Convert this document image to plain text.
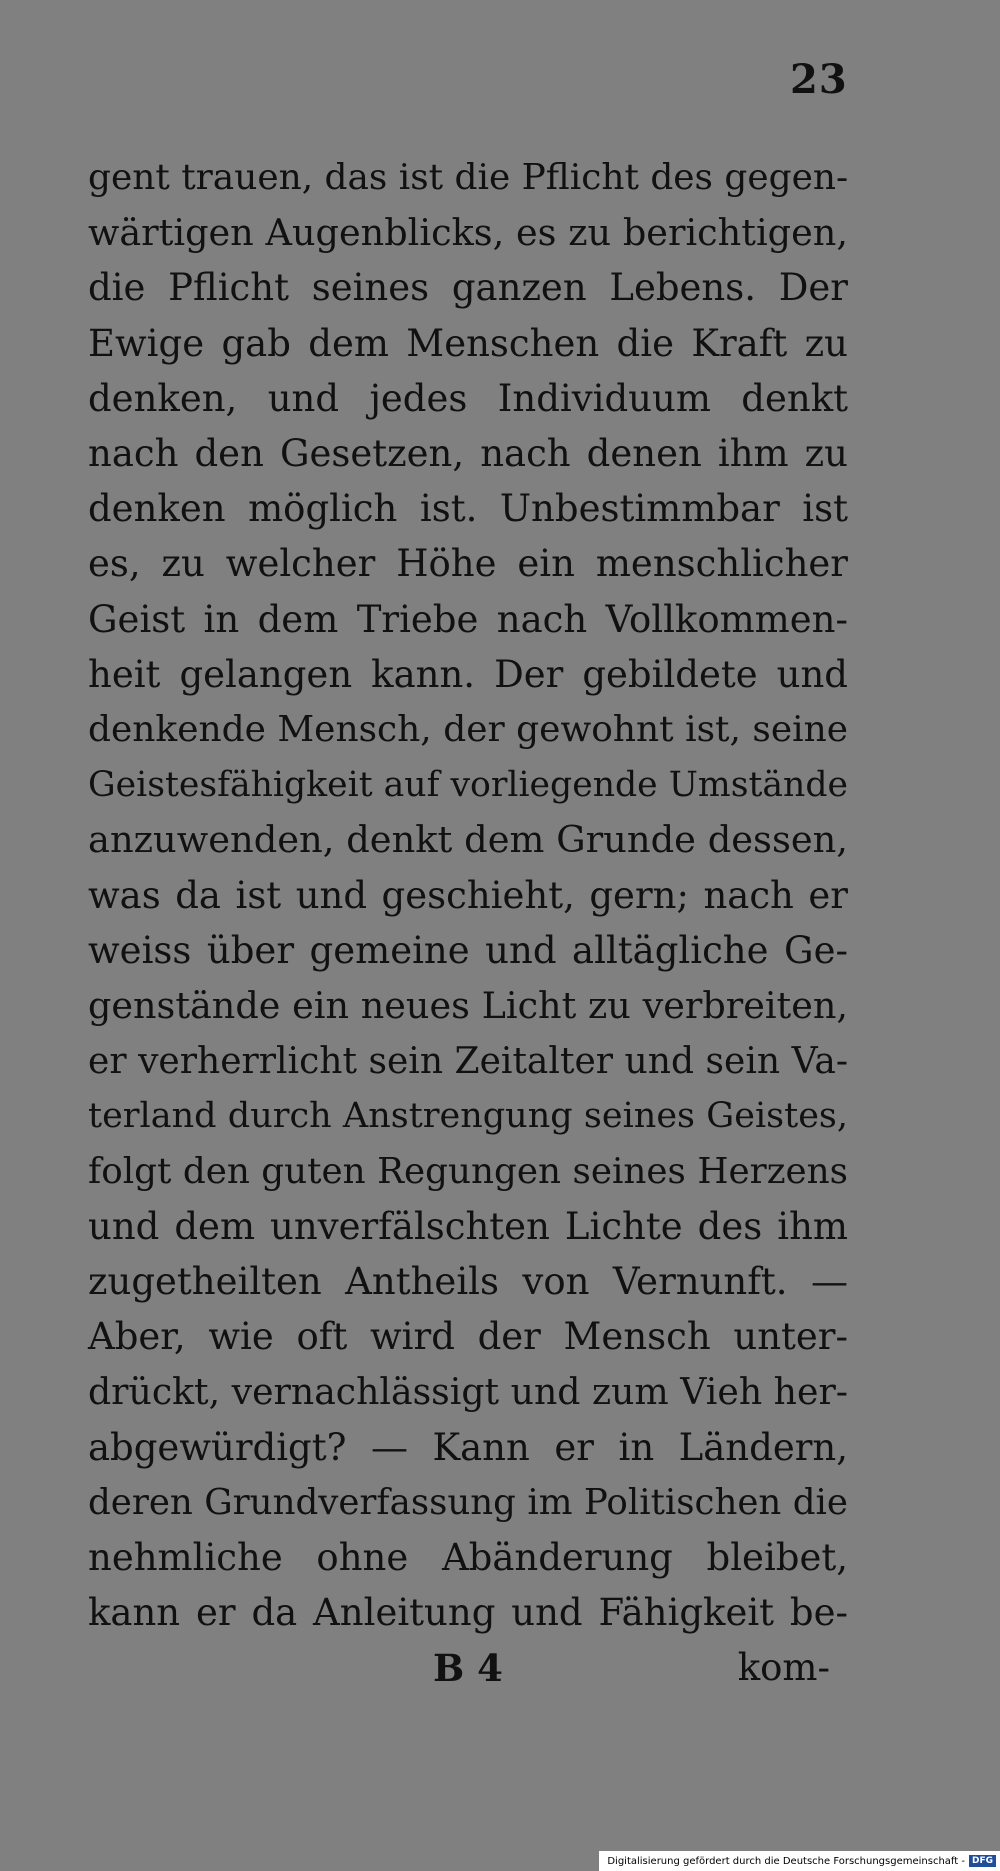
23
gent trauen, das ist die Pflicht des gegen-
wärtigen Augenblicks, es zu berichtigen,
die Pflicht seines ganzen Lebens. Der
Ewige gab dem Menschen die Kraft zu
denken, und jedes Individuum denkt
nach den Gesetzen, nach denen ihm zu
denken möglich ist. Unbestimmbar ist
es, zu welcher Höhe ein menschlicher
Geist in dem Triebe nach Vollkommen-
heit gelangen kann. Der gebildete und
denkende Mensch, der gewohnt ist, seine
Geistesfähigkeit auf vorliegende Umstände
anzuwenden, denkt dem Grunde dessen,
was da ist und geschieht, gern; nach er
weiss über gemeine und alltägliche Ge-
genstände ein neues Licht zu verbreiten,
er verherrlicht sein Zeitalter und sein Va-
terland durch Anstrengung seines Geistes,
folgt den guten Regungen seines Herzens
und dem unverfälschten Lichte des ihm
zugetheilten Antheils von Vernunft. —
Aber, wie oft wird der Mensch unter-
drückt, vernachlässigt und zum Vieh her-
abgewürdigt? — Kann er in Ländern,
deren Grundverfassung im Politischen die
nehmliche ohne Abänderung bleibet,
kann er da Anleitung und Fähigkeit be-
B 4	kom-
Digitalisierung gefördert durch die Deutsche Forschungsgemeinschaft - DFG
